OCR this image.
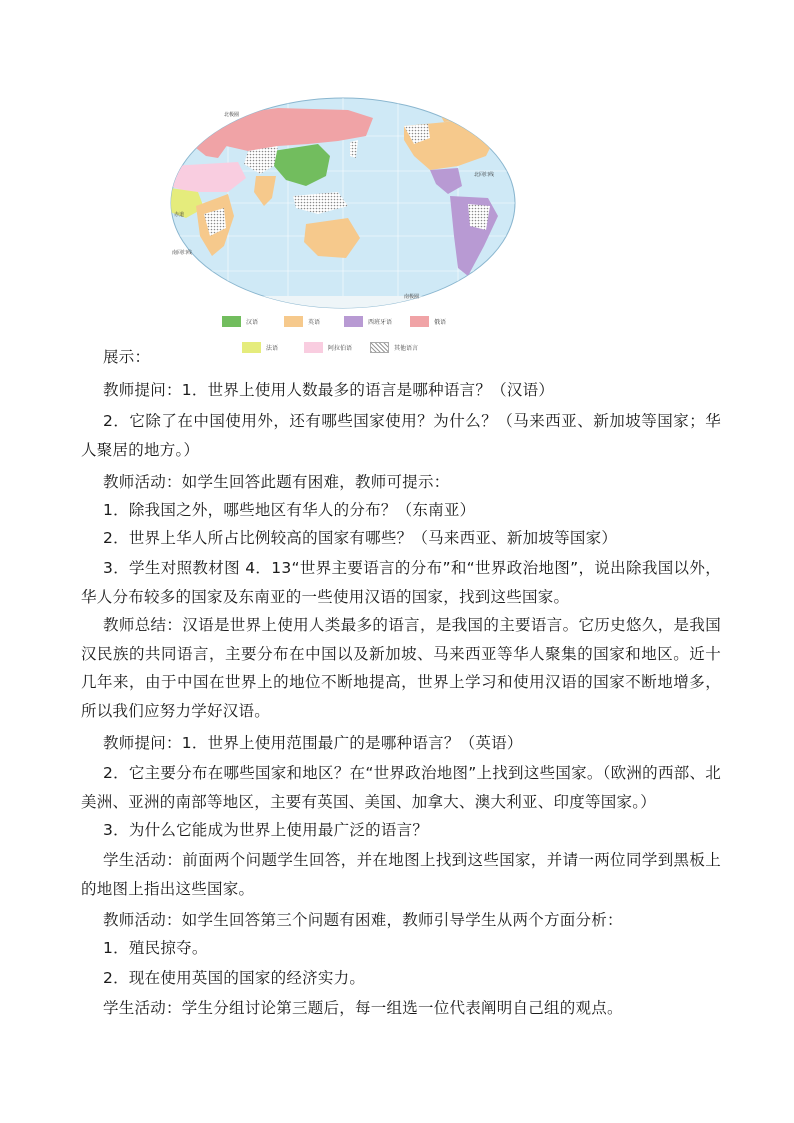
北极圈
北回归线
赤道
南回归线
南极圈
汉语	英语	西班牙语	俄语
法语	阿拉伯语	其他语言

展示：

教师提问：1．世界上使用人数最多的语言是哪种语言？（汉语）

2．它除了在中国使用外，还有哪些国家使用？为什么？（马来西亚、新加坡等国家；华人聚居的地方。）

教师活动：如学生回答此题有困难，教师可提示：

1．除我国之外，哪些地区有华人的分布？（东南亚）

2．世界上华人所占比例较高的国家有哪些？（马来西亚、新加坡等国家）

3．学生对照教材图 4．13“世界主要语言的分布”和“世界政治地图”，说出除我国以外，华人分布较多的国家及东南亚的一些使用汉语的国家，找到这些国家。

教师总结：汉语是世界上使用人类最多的语言，是我国的主要语言。它历史悠久，是我国汉民族的共同语言，主要分布在中国以及新加坡、马来西亚等华人聚集的国家和地区。近十几年来，由于中国在世界上的地位不断地提高，世界上学习和使用汉语的国家不断地增多，所以我们应努力学好汉语。

教师提问：1．世界上使用范围最广的是哪种语言？（英语）

2．它主要分布在哪些国家和地区？在“世界政治地图”上找到这些国家。（欧洲的西部、北美洲、亚洲的南部等地区，主要有英国、美国、加拿大、澳大利亚、印度等国家。）

3．为什么它能成为世界上使用最广泛的语言？

学生活动：前面两个问题学生回答，并在地图上找到这些国家，并请一两位同学到黑板上的地图上指出这些国家。

教师活动：如学生回答第三个问题有困难，教师引导学生从两个方面分析：

1．殖民掠夺。

2．现在使用英国的国家的经济实力。

学生活动：学生分组讨论第三题后，每一组选一位代表阐明自己组的观点。
